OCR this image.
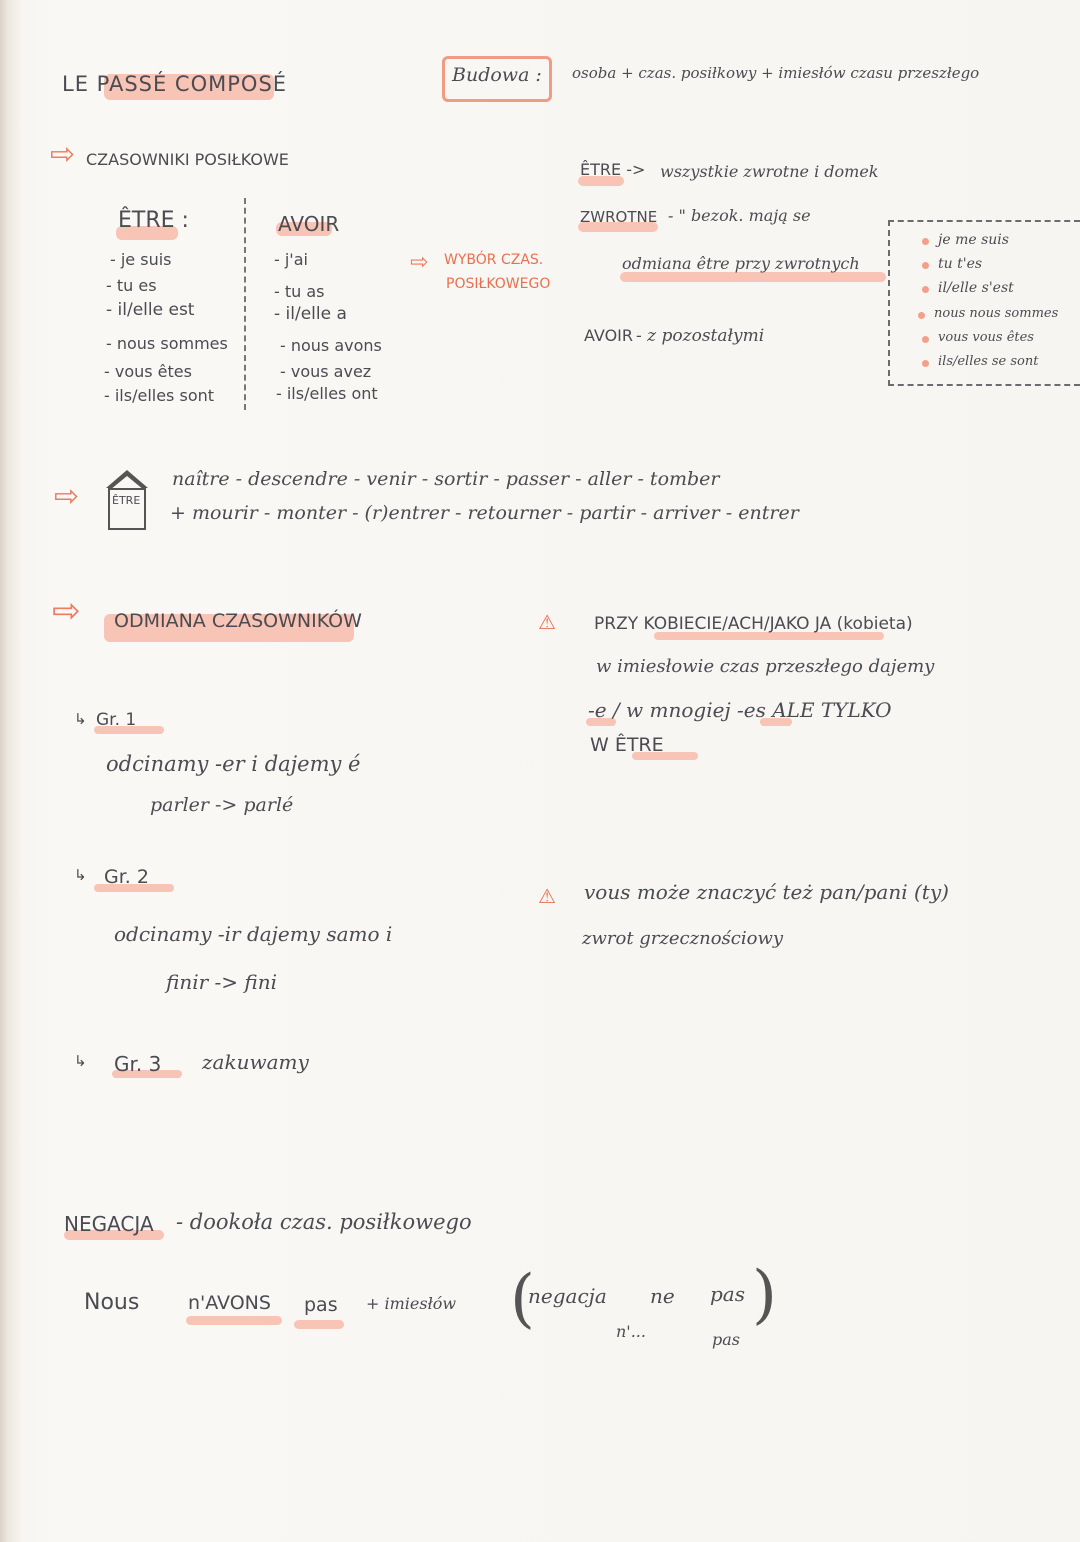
LE PASSÉ COMPOSÉ	Budowa : osoba + czas. posiłkowy + imiesłów czasu przeszłego
⇨ CZASOWNIKI POSIŁKOWE
ÊTRE :
- je suis
- tu es
- il/elle est
- nous sommes
- vous êtes
- ils/elles sont
AVOIR
- j'ai
- tu as
- il/elle a
- nous avons
- vous avez
- ils/elles ont
⇨ WYBÓR CZAS.
POSIŁKOWEGO
ÊTRE -> wszystkie zwrotne i domek
ZWROTNE - " bezok. mają se
odmiana être przy zwrotnych
AVOIR - z pozostałymi
je me suis
tu t'es
il/elle s'est
nous nous sommes
vous vous êtes
ils/elles se sont
⇨	ÊTRE
naître - descendre - venir - sortir - passer - aller - tomber
+ mourir - monter - (r)entrer - retourner - partir - arriver - entrer
⇨ ODMIANA CZASOWNIKÓW
↳ Gr. 1
odcinamy -er i dajemy é
parler -> parlé
↳ Gr. 2
odcinamy -ir dajemy samo i
finir -> fini
↳ Gr. 3 zakuwamy
⚠ PRZY KOBIECIE/ACH/JAKO JA (kobieta)
w imiesłowie czas przeszłego dajemy
-e / w mnogiej -es ALE TYLKO
W ÊTRE
⚠ vous może znaczyć też pan/pani (ty)
zwrot grzecznościowy
NEGACJA - dookoła czas. posiłkowego
Nous	n'AVONS pas + imiesłów (
negacja ne pas
n'...	pas
)
